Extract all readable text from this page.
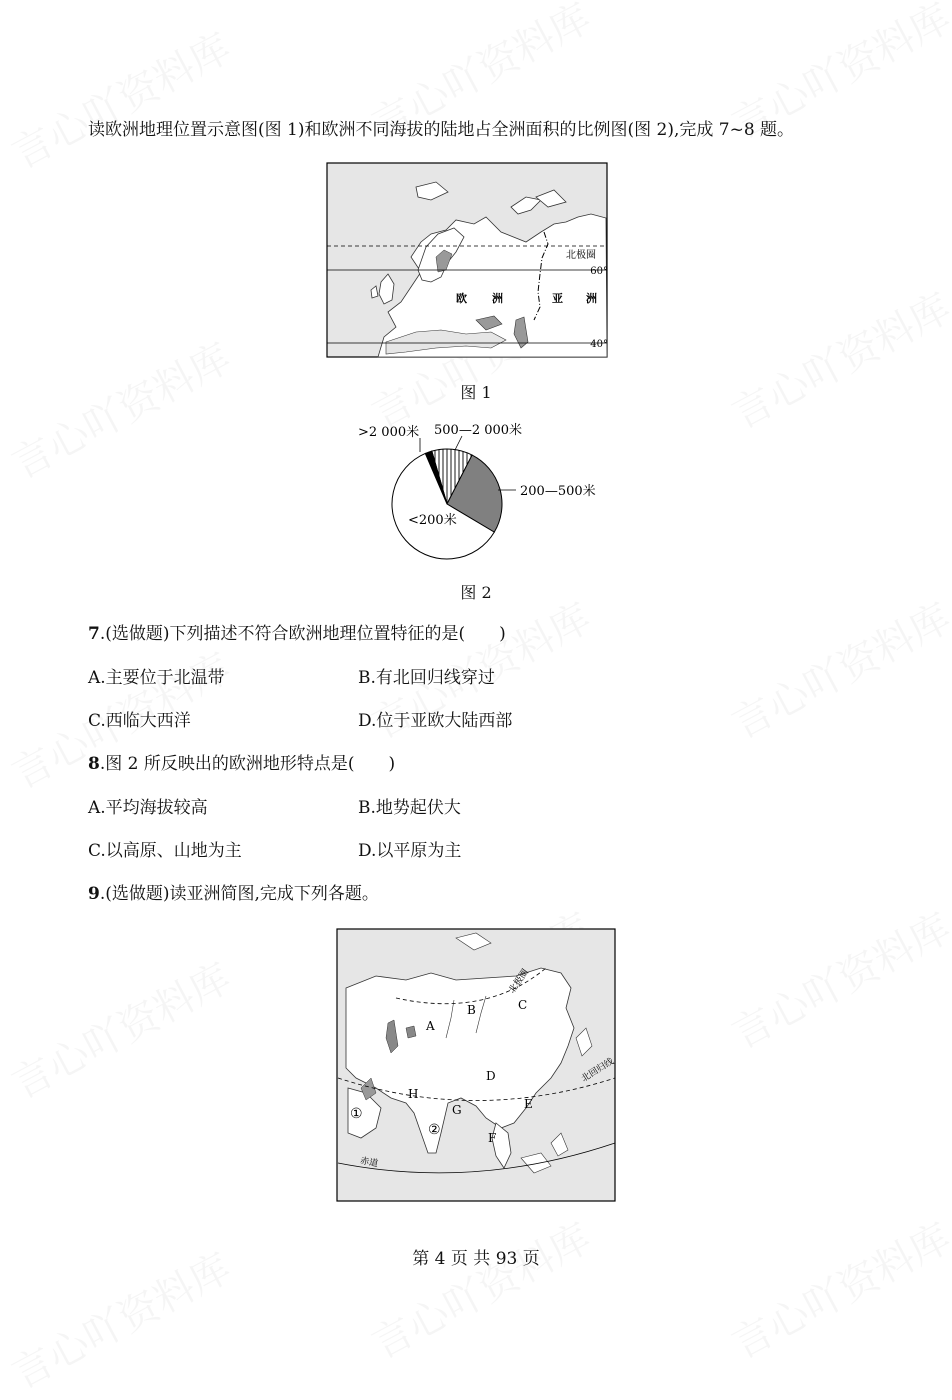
读欧洲地理位置示意图(图 1)和欧洲不同海拔的陆地占全洲面积的比例图(图 2),完成 7~8 题。
北极圈
60°
40°
欧 洲	亚 洲
图 1
>2 000米 500—2 000米
200—500米
<200米
图 2
7.(选做题)下列描述不符合欧洲地理位置特征的是(　　)
A.主要位于北温带	B.有北回归线穿过
C.西临大西洋	D.位于亚欧大陆西部
8.图 2 所反映出的欧洲地形特点是(　　)
A.平均海拔较高	B.地势起伏大
C.以高原、山地为主	D.以平原为主
9.(选做题)读亚洲简图,完成下列各题。
A
B	C
D
E
F
G
H
①
②
北极圈
北回归线
赤道
第 4 页 共 93 页
